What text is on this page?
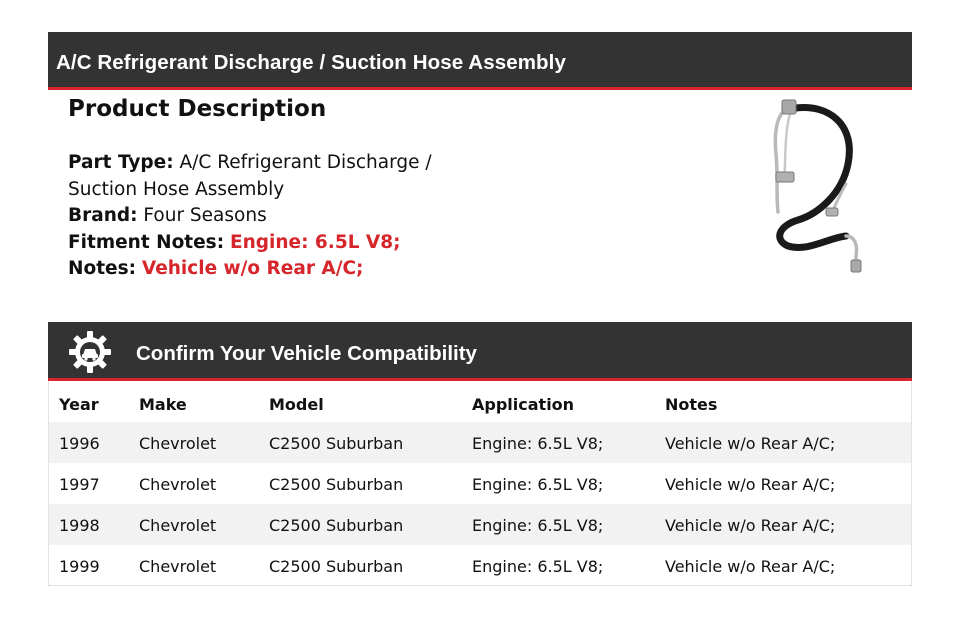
A/C Refrigerant Discharge / Suction Hose Assembly
Product Description
Part Type: A/C Refrigerant Discharge /
Suction Hose Assembly
Brand: Four Seasons
Fitment Notes: Engine: 6.5L V8;
Notes: Vehicle w/o Rear A/C;
Confirm Your Vehicle Compatibility
Year	Make	Model	Application	Notes
1996 Chevrolet	C2500 Suburban	Engine: 6.5L V8;	Vehicle w/o Rear A/C;
1997 Chevrolet	C2500 Suburban	Engine: 6.5L V8;	Vehicle w/o Rear A/C;
1998 Chevrolet	C2500 Suburban	Engine: 6.5L V8;	Vehicle w/o Rear A/C;
1999 Chevrolet	C2500 Suburban	Engine: 6.5L V8;	Vehicle w/o Rear A/C;
